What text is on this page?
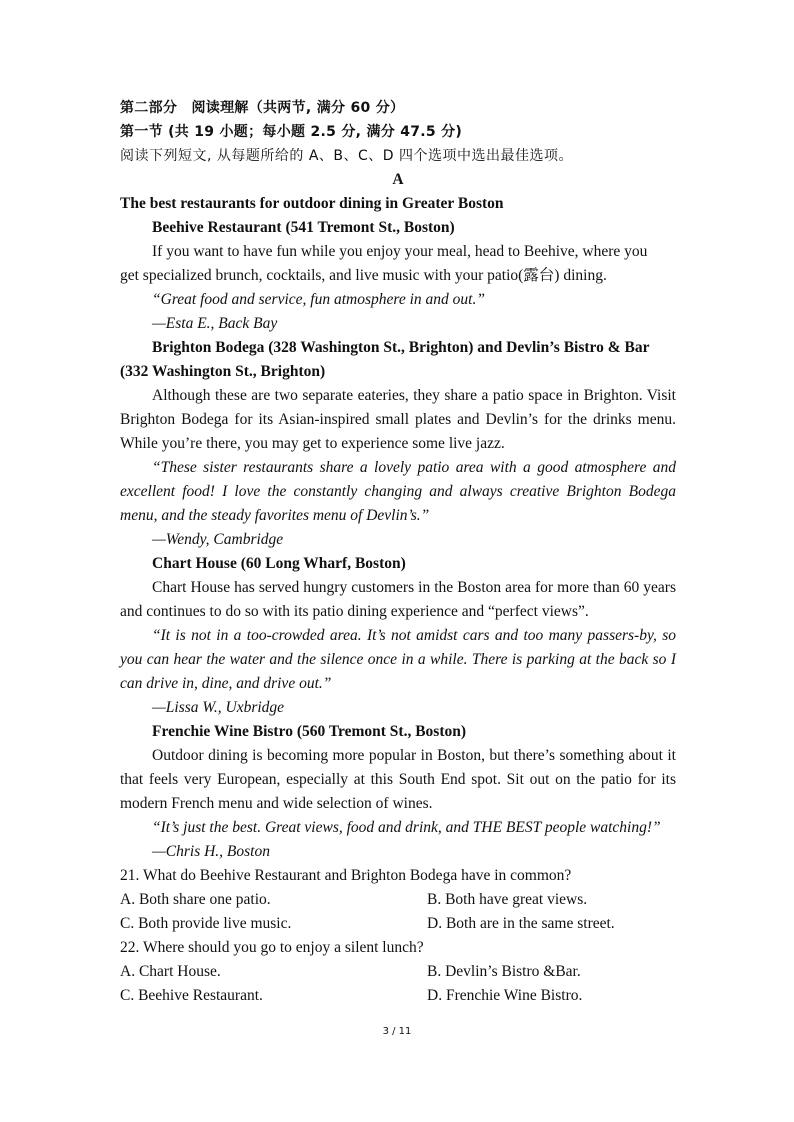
第二部分　阅读理解（共两节, 满分 60 分）
第一节 (共 19 小题；每小题 2.5 分, 满分 47.5 分)
阅读下列短文, 从每题所给的 A、B、C、D 四个选项中选出最佳选项。
A
The best restaurants for outdoor dining in Greater Boston
Beehive Restaurant (541 Tremont St., Boston)
If you want to have fun while you enjoy your meal, head to Beehive, where you
get specialized brunch, cocktails, and live music with your patio(露台) dining.
“Great food and service, fun atmosphere in and out.”
—Esta E., Back Bay
Brighton Bodega (328 Washington St., Brighton) and Devlin’s Bistro & Bar
(332 Washington St., Brighton)

Although these are two separate eateries, they share a patio space in Brighton. Visit Brighton Bodega for its Asian-inspired small plates and Devlin’s for the drinks menu. While you’re there, you may get to experience some live jazz.

“These sister restaurants share a lovely patio area with a good atmosphere and excellent food! I love the constantly changing and always creative Brighton Bodega menu, and the steady favorites menu of Devlin’s.”

—Wendy, Cambridge
Chart House (60 Long Wharf, Boston)

Chart House has served hungry customers in the Boston area for more than 60 years and continues to do so with its patio dining experience and “perfect views”.

“It is not in a too-crowded area. It’s not amidst cars and too many passers-by, so you can hear the water and the silence once in a while. There is parking at the back so I can drive in, dine, and drive out.”

—Lissa W., Uxbridge
Frenchie Wine Bistro (560 Tremont St., Boston)

Outdoor dining is becoming more popular in Boston, but there’s something about it that feels very European, especially at this South End spot. Sit out on the patio for its modern French menu and wide selection of wines.

“It’s just the best. Great views, food and drink, and THE BEST people watching!”

—Chris H., Boston
21. What do Beehive Restaurant and Brighton Bodega have in common?
A. Both share one patio.	B. Both have great views.
C. Both provide live music.	D. Both are in the same street.
22. Where should you go to enjoy a silent lunch?
A. Chart House.	B. Devlin’s Bistro &Bar.
C. Beehive Restaurant.	D. Frenchie Wine Bistro.
3 / 11
